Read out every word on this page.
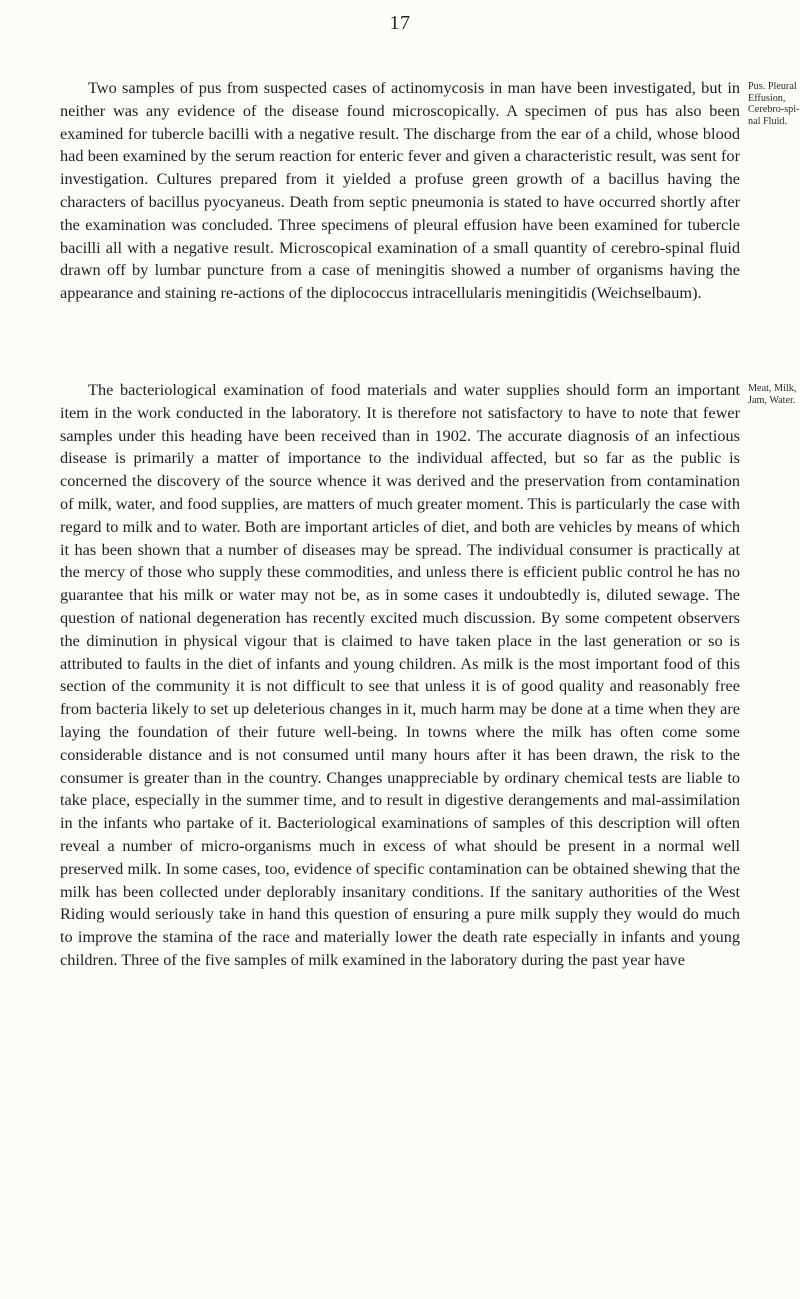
17

Two samples of pus from suspected cases of actinomycosis in man have been investigated, but in neither was any evidence of the disease found microscopically. A specimen of pus has also been examined for tubercle bacilli with a negative result. The discharge from the ear of a child, whose blood had been examined by the serum reaction for enteric fever and given a characteristic result, was sent for investigation. Cultures prepared from it yielded a profuse green growth of a bacillus having the characters of bacillus pyocyaneus. Death from septic pneumonia is stated to have occurred shortly after the examination was concluded. Three specimens of pleural effusion have been examined for tubercle bacilli all with a negative result. Microscopical examination of a small quantity of cerebro-spinal fluid drawn off by lumbar puncture from a case of meningitis showed a number of organisms having the appearance and staining re-actions of the diplococcus intracellularis meningitidis (Weichselbaum).

Pus. Pleural
Effusion,
Cerebro-spi-
nal Fluid.

The bacteriological examination of food materials and water supplies should form an important item in the work conducted in the laboratory. It is therefore not satisfactory to have to note that fewer samples under this heading have been received than in 1902. The accurate diagnosis of an infectious disease is primarily a matter of importance to the individual affected, but so far as the public is concerned the discovery of the source whence it was derived and the preservation from contamination of milk, water, and food supplies, are matters of much greater moment. This is particularly the case with regard to milk and to water. Both are important articles of diet, and both are vehicles by means of which it has been shown that a number of diseases may be spread. The individual consumer is practically at the mercy of those who supply these commodities, and unless there is efficient public control he has no guarantee that his milk or water may not be, as in some cases it undoubtedly is, diluted sewage. The question of national degeneration has recently excited much discussion. By some competent observers the diminution in physical vigour that is claimed to have taken place in the last generation or so is attributed to faults in the diet of infants and young children. As milk is the most important food of this section of the community it is not difficult to see that unless it is of good quality and reasonably free from bacteria likely to set up deleterious changes in it, much harm may be done at a time when they are laying the foundation of their future well-being. In towns where the milk has often come some considerable distance and is not consumed until many hours after it has been drawn, the risk to the consumer is greater than in the country. Changes unappreciable by ordinary chemical tests are liable to take place, especially in the summer time, and to result in digestive derangements and mal-assimilation in the infants who partake of it. Bacteriological examinations of samples of this description will often reveal a number of micro-organisms much in excess of what should be present in a normal well preserved milk. In some cases, too, evidence of specific contamination can be obtained shewing that the milk has been collected under deplorably insanitary conditions. If the sanitary authorities of the West Riding would seriously take in hand this question of ensuring a pure milk supply they would do much to improve the stamina of the race and materially lower the death rate especially in infants and young children. Three of the five samples of milk examined in the laboratory during the past year have

Meat, Milk,
Jam, Water.
